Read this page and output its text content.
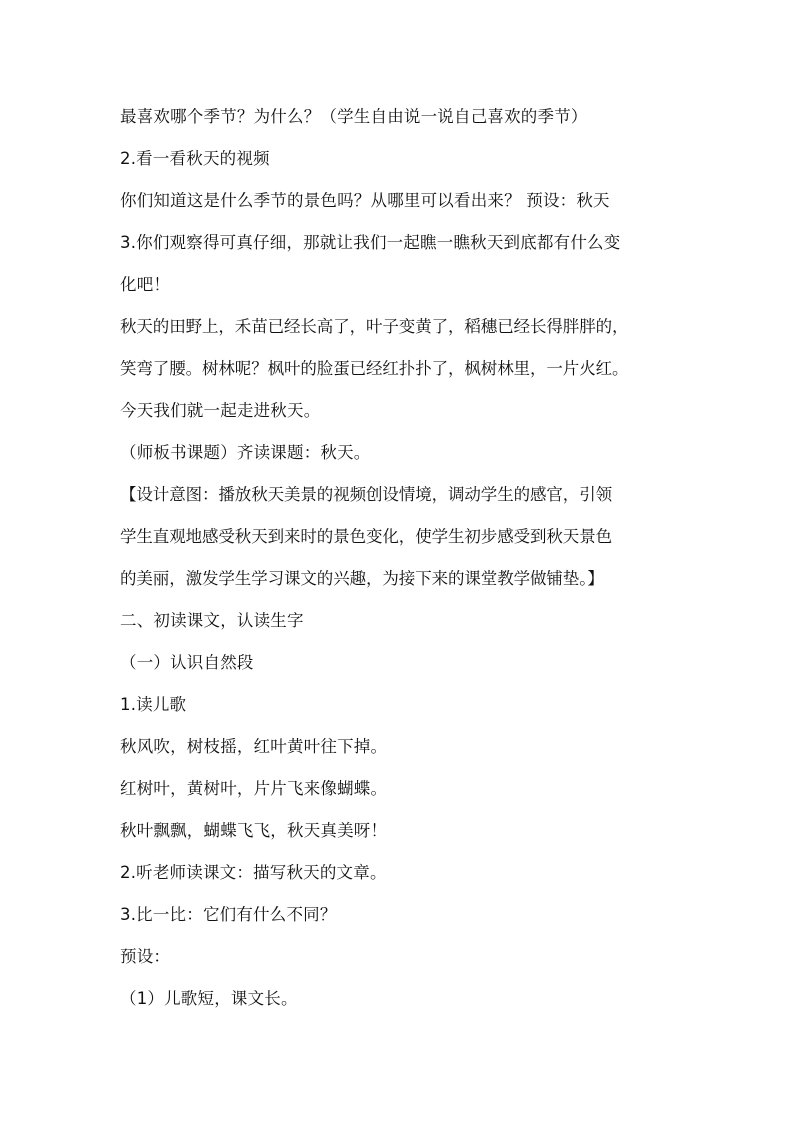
最喜欢哪个季节？为什么？（学生自由说一说自己喜欢的季节）
2.看一看秋天的视频
你们知道这是什么季节的景色吗？从哪里可以看出来？ 预设：秋天
3.你们观察得可真仔细，那就让我们一起瞧一瞧秋天到底都有什么变
化吧！
秋天的田野上，禾苗已经长高了，叶子变黄了，稻穗已经长得胖胖的，
笑弯了腰。树林呢？枫叶的脸蛋已经红扑扑了，枫树林里，一片火红。
今天我们就一起走进秋天。
（师板书课题）齐读课题：秋天。
【设计意图：播放秋天美景的视频创设情境，调动学生的感官，引领
学生直观地感受秋天到来时的景色变化，使学生初步感受到秋天景色
的美丽，激发学生学习课文的兴趣，为接下来的课堂教学做铺垫。】
二、初读课文，认读生字
（一）认识自然段
1.读儿歌
秋风吹，树枝摇，红叶黄叶往下掉。
红树叶，黄树叶，片片飞来像蝴蝶。
秋叶飘飘，蝴蝶飞飞，秋天真美呀！
2.听老师读课文：描写秋天的文章。
3.比一比：它们有什么不同？
预设：
（1）儿歌短，课文长。
